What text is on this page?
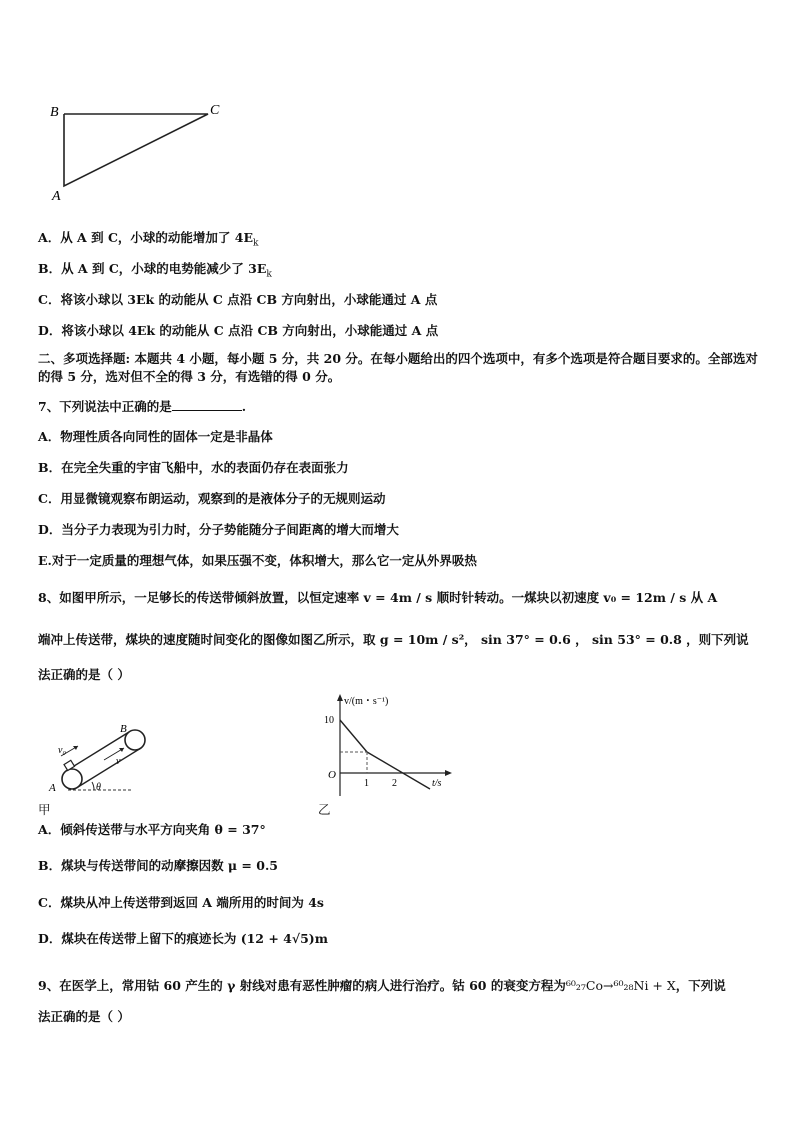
B	C
A
A．从 A 到 C，小球的动能增加了 $4E_k$
B．从 A 到 C，小球的电势能减少了 $3E_k$
C．将该小球以 3Ek 的动能从 C 点沿 CB 方向射出，小球能通过 A 点
D．将该小球以 4Ek 的动能从 C 点沿 CB 方向射出，小球能通过 A 点
二、多项选择题: 本题共 4 小题，每小题 5 分，共 20 分。在每小题给出的四个选项中，有多个选项是符合题目要求的。全部选对的得 5 分，选对但不全的得 3 分，有选错的得 0 分。
7、下列说法中正确的是	.
A．物理性质各向同性的固体一定是非晶体
B．在完全失重的宇宙飞船中，水的表面仍存在表面张力
C．用显微镜观察布朗运动，观察到的是液体分子的无规则运动
D．当分子力表现为引力时，分子势能随分子间距离的增大而增大
E.对于一定质量的理想气体，如果压强不变，体积增大，那么它一定从外界吸热
8、如图甲所示，一足够长的传送带倾斜放置，以恒定速率 v = 4m / s 顺时针转动。一煤块以初速度 v₀ = 12m / s 从 A
端冲上传送带，煤块的速度随时间变化的图像如图乙所示，取 g = 10m / s²， sin 37° = 0.6 ， sin 53° = 0.8 ，则下列说
法正确的是（ ）
v₀
v
B
A	θ
甲
v/(m・s⁻¹)
t/s
O
10
1 2
乙
A．倾斜传送带与水平方向夹角 θ = 37°
B．煤块与传送带间的动摩擦因数 μ = 0.5
C．煤块从冲上传送带到返回 A 端所用的时间为 4s
D．煤块在传送带上留下的痕迹长为 (12 + 4√5)m
9、在医学上，常用钴 60 产生的 γ 射线对患有恶性肿瘤的病人进行治疗。钴 60 的衰变方程为⁶⁰₂₇Co→⁶⁰₂₈Ni + X，下列说
法正确的是（ ）
